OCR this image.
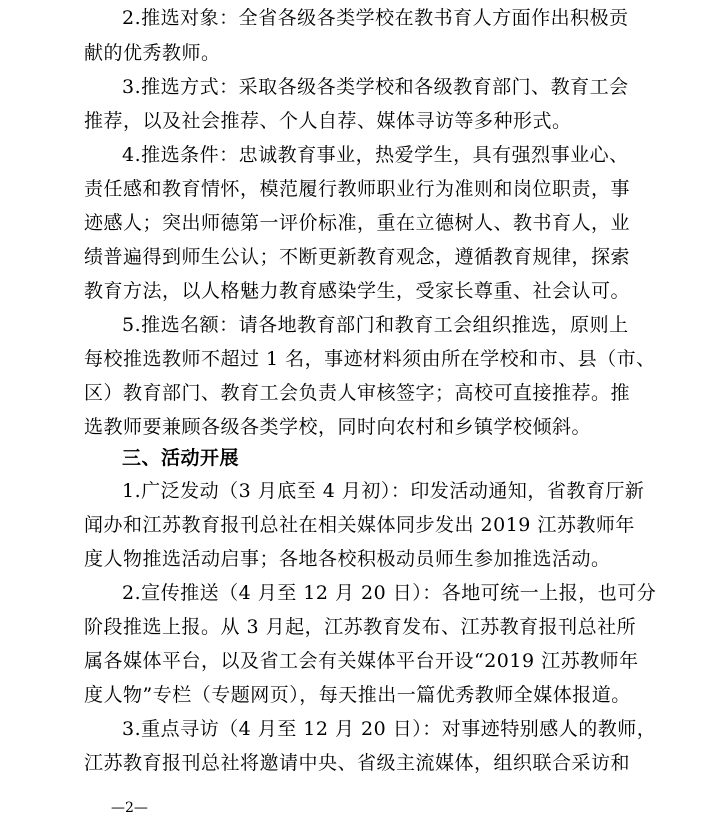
2.推选对象：全省各级各类学校在教书育人方面作出积极贡
献的优秀教师。
3.推选方式：采取各级各类学校和各级教育部门、教育工会
推荐，以及社会推荐、个人自荐、媒体寻访等多种形式。
4.推选条件：忠诚教育事业，热爱学生，具有强烈事业心、
责任感和教育情怀，模范履行教师职业行为准则和岗位职责，事
迹感人；突出师德第一评价标准，重在立德树人、教书育人，业
绩普遍得到师生公认；不断更新教育观念，遵循教育规律，探索
教育方法，以人格魅力教育感染学生，受家长尊重、社会认可。
5.推选名额：请各地教育部门和教育工会组织推选，原则上
每校推选教师不超过 1 名，事迹材料须由所在学校和市、县（市、
区）教育部门、教育工会负责人审核签字；高校可直接推荐。推
选教师要兼顾各级各类学校，同时向农村和乡镇学校倾斜。
三、活动开展
1.广泛发动（3 月底至 4 月初）：印发活动通知，省教育厅新
闻办和江苏教育报刊总社在相关媒体同步发出 2019 江苏教师年
度人物推选活动启事；各地各校积极动员师生参加推选活动。
2.宣传推送（4 月至 12 月 20 日）：各地可统一上报，也可分
阶段推选上报。从 3 月起，江苏教育发布、江苏教育报刊总社所
属各媒体平台，以及省工会有关媒体平台开设“2019 江苏教师年
度人物”专栏（专题网页），每天推出一篇优秀教师全媒体报道。
3.重点寻访（4 月至 12 月 20 日）：对事迹特别感人的教师，
江苏教育报刊总社将邀请中央、省级主流媒体，组织联合采访和
—2—
